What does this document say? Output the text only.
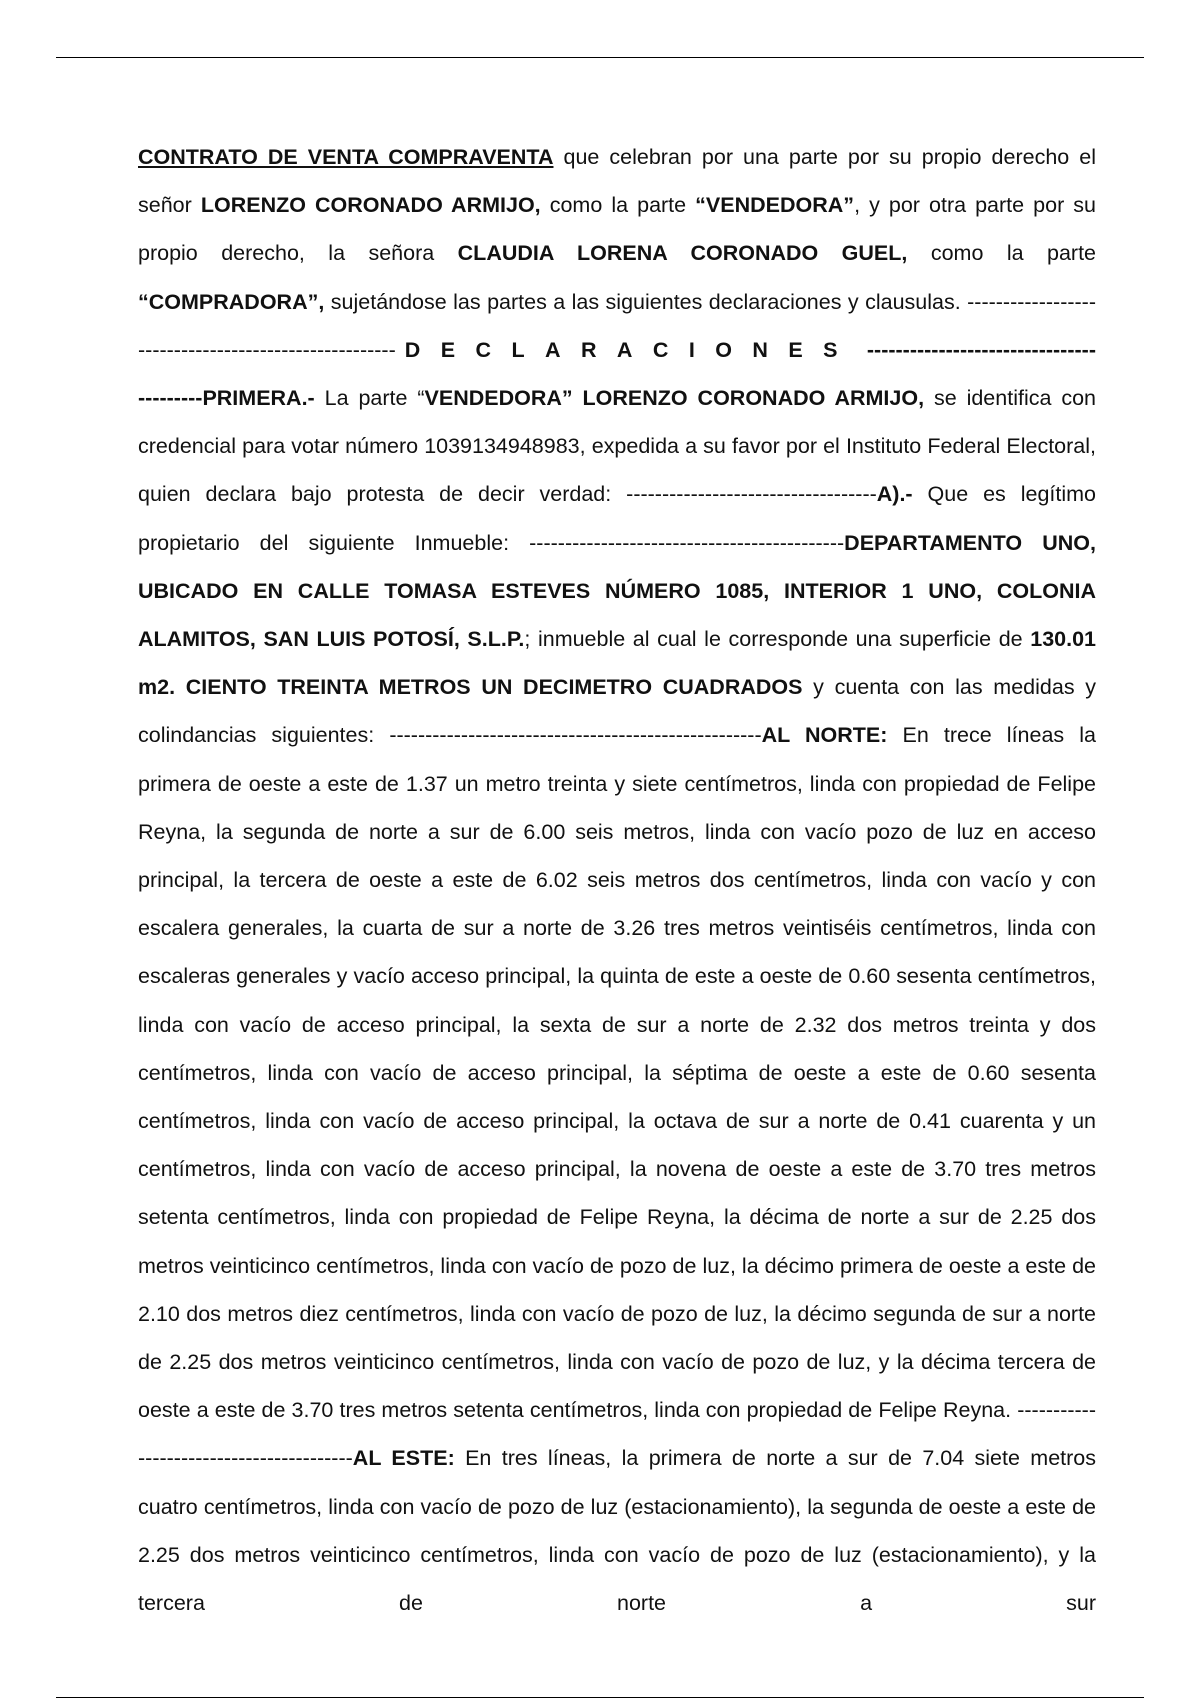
CONTRATO DE VENTA COMPRAVENTA que celebran por una parte por su propio derecho el señor LORENZO CORONADO ARMIJO, como la parte “VENDEDORA”, y por otra parte por su propio derecho, la señora CLAUDIA LORENA CORONADO GUEL, como la parte “COMPRADORA”, sujetándose las partes a las siguientes declaraciones y clausulas. ------------------------------------------------------ DECLARACIONES -----------------------------------------PRIMERA.- La parte “VENDEDORA” LORENZO CORONADO ARMIJO, se identifica con credencial para votar número 1039134948983, expedida a su favor por el Instituto Federal Electoral, quien declara bajo protesta de decir verdad: -----------------------------------A).- Que es legítimo propietario del siguiente Inmueble: --------------------------------------------DEPARTAMENTO UNO, UBICADO EN CALLE TOMASA ESTEVES NÚMERO 1085, INTERIOR 1 UNO, COLONIA ALAMITOS, SAN LUIS POTOSÍ, S.L.P.; inmueble al cual le corresponde una superficie de 130.01 m2. CIENTO TREINTA METROS UN DECIMETRO CUADRADOS y cuenta con las medidas y colindancias siguientes: ----------------------------------------------------AL NORTE: En trece líneas la primera de oeste a este de 1.37 un metro treinta y siete centímetros, linda con propiedad de Felipe Reyna, la segunda de norte a sur de 6.00 seis metros, linda con vacío pozo de luz en acceso principal, la tercera de oeste a este de 6.02 seis metros dos centímetros, linda con vacío y con escalera generales, la cuarta de sur a norte de 3.26 tres metros veintiséis centímetros, linda con escaleras generales y vacío acceso principal, la quinta de este a oeste de 0.60 sesenta centímetros, linda con vacío de acceso principal, la sexta de sur a norte de 2.32 dos metros treinta y dos centímetros, linda con vacío de acceso principal, la séptima de oeste a este de 0.60 sesenta centímetros, linda con vacío de acceso principal, la octava de sur a norte de 0.41 cuarenta y un centímetros, linda con vacío de acceso principal, la novena de oeste a este de 3.70 tres metros setenta centímetros, linda con propiedad de Felipe Reyna, la décima de norte a sur de 2.25 dos metros veinticinco centímetros, linda con vacío de pozo de luz, la décimo primera de oeste a este de 2.10 dos metros diez centímetros, linda con vacío de pozo de luz, la décimo segunda de sur a norte de 2.25 dos metros veinticinco centímetros, linda con vacío de pozo de luz, y la décima tercera de oeste a este de 3.70 tres metros setenta centímetros, linda con propiedad de Felipe Reyna. -----------------------------------------AL ESTE: En tres líneas, la primera de norte a sur de 7.04 siete metros cuatro centímetros, linda con vacío de pozo de luz (estacionamiento), la segunda de oeste a este de 2.25 dos metros veinticinco centímetros, linda con vacío de pozo de luz (estacionamiento), y la tercera de norte a sur
